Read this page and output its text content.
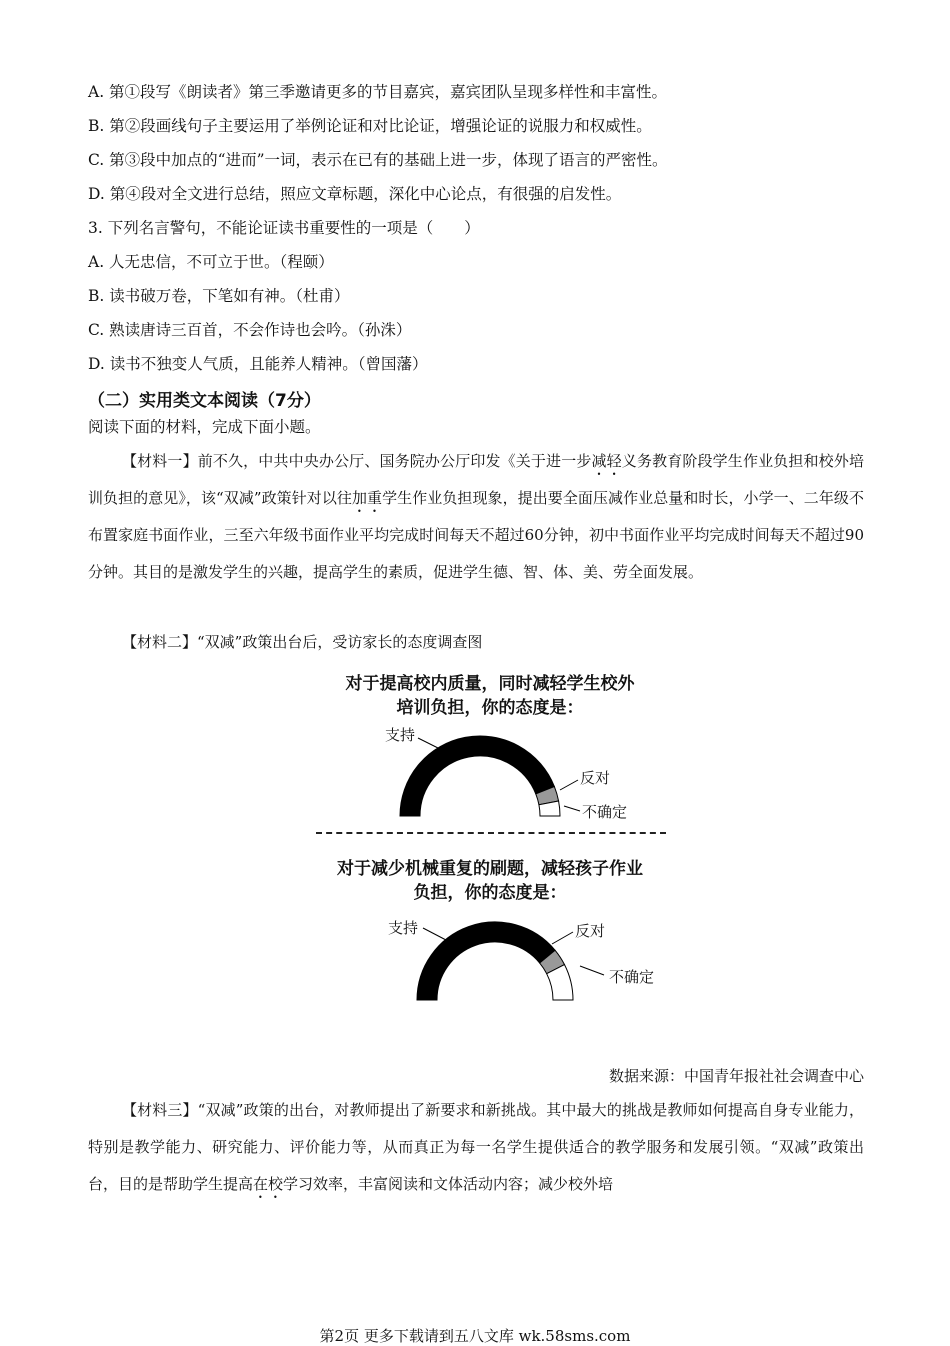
A. 第①段写《朗读者》第三季邀请更多的节目嘉宾，嘉宾团队呈现多样性和丰富性。
B. 第②段画线句子主要运用了举例论证和对比论证，增强论证的说服力和权威性。
C. 第③段中加点的“进而”一词，表示在已有的基础上进一步，体现了语言的严密性。
D. 第④段对全文进行总结，照应文章标题，深化中心论点，有很强的启发性。
3. 下列名言警句，不能论证读书重要性的一项是（　　）
A. 人无忠信，不可立于世。（程颐）
B. 读书破万卷，下笔如有神。（杜甫）
C. 熟读唐诗三百首，不会作诗也会吟。（孙洙）
D. 读书不独变人气质，且能养人精神。（曾国藩）
（二）实用类文本阅读（7分）
阅读下面的材料，完成下面小题。

【材料一】前不久，中共中央办公厅、国务院办公厅印发《关于进一步减轻义务教育阶段学生作业负担和校外培训负担的意见》，该“双减”政策针对以往加重学生作业负担现象，提出要全面压减作业总量和时长，小学一、二年级不布置家庭书面作业，三至六年级书面作业平均完成时间每天不超过60分钟，初中书面作业平均完成时间每天不超过90分钟。其目的是激发学生的兴趣，提高学生的素质，促进学生德、智、体、美、劳全面发展。

【材料二】“双减”政策出台后，受访家长的态度调查图

对于提高校内质量，同时减轻学生校外
培训负担，你的态度是：
支持
反对
不确定
对于减少机械重复的刷题，减轻孩子作业
负担，你的态度是：
支持	反对
不确定
数据来源：中国青年报社社会调查中心

【材料三】“双减”政策的出台，对教师提出了新要求和新挑战。其中最大的挑战是教师如何提高自身专业能力，特别是教学能力、研究能力、评价能力等，从而真正为每一名学生提供适合的教学服务和发展引领。“双减”政策出台，目的是帮助学生提高在校学习效率，丰富阅读和文体活动内容；减少校外培

第2页 更多下载请到五八文库 wk.58sms.com
